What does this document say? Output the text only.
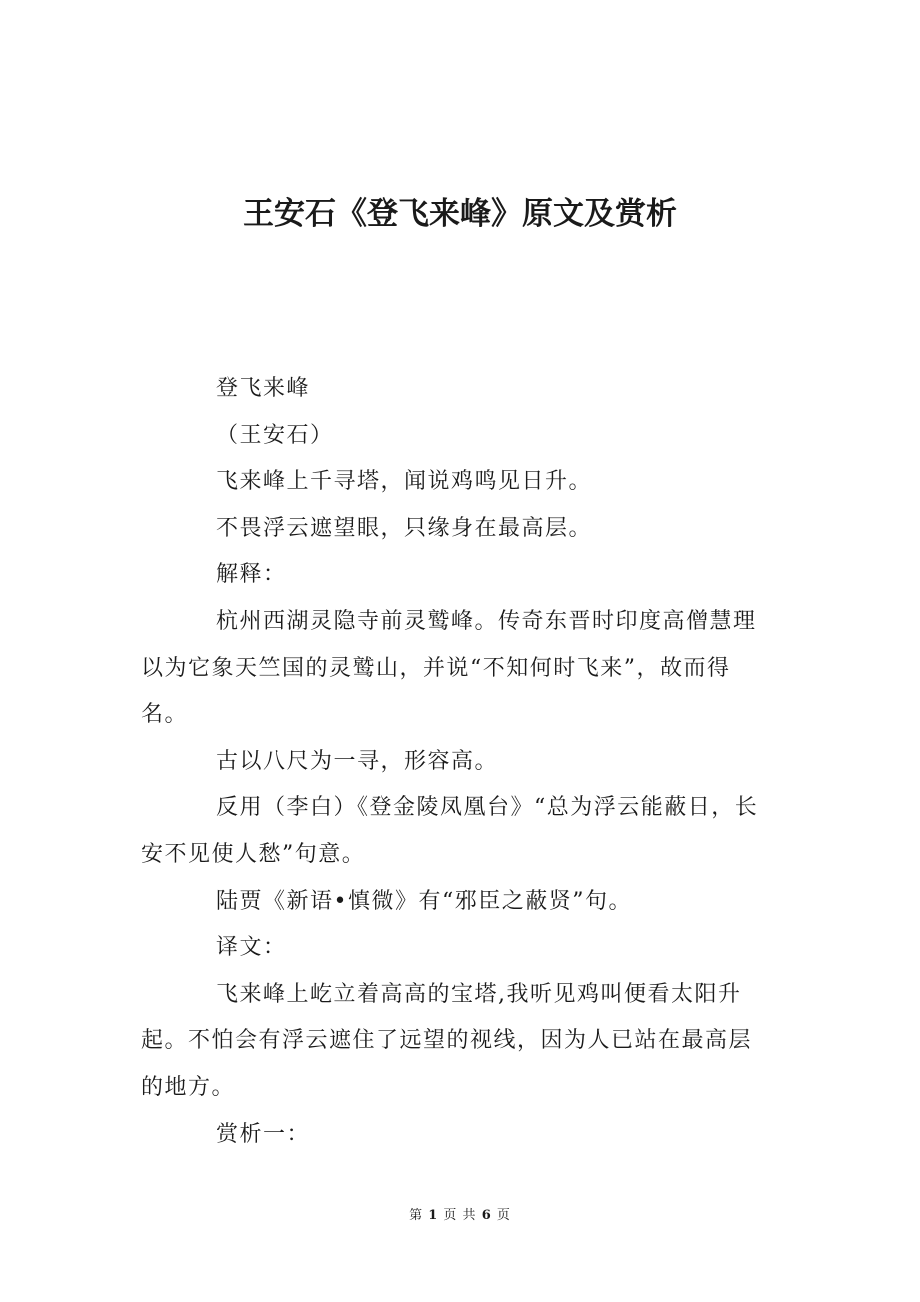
王安石《登飞来峰》原文及赏析

登飞来峰

（王安石）

飞来峰上千寻塔，闻说鸡鸣见日升。

不畏浮云遮望眼，只缘身在最高层。

解释：

杭州西湖灵隐寺前灵鹫峰。传奇东晋时印度高僧慧理以为它象天竺国的灵鹫山，并说“不知何时飞来”，故而得名。

古以八尺为一寻，形容高。

反用（李白）《登金陵凤凰台》“总为浮云能蔽日，长安不见使人愁”句意。

陆贾《新语•慎微》有“邪臣之蔽贤”句。

译文：

飞来峰上屹立着高高的宝塔,我听见鸡叫便看太阳升起。不怕会有浮云遮住了远望的视线，因为人已站在最高层的地方。

赏析一：

第 1 页 共 6 页
